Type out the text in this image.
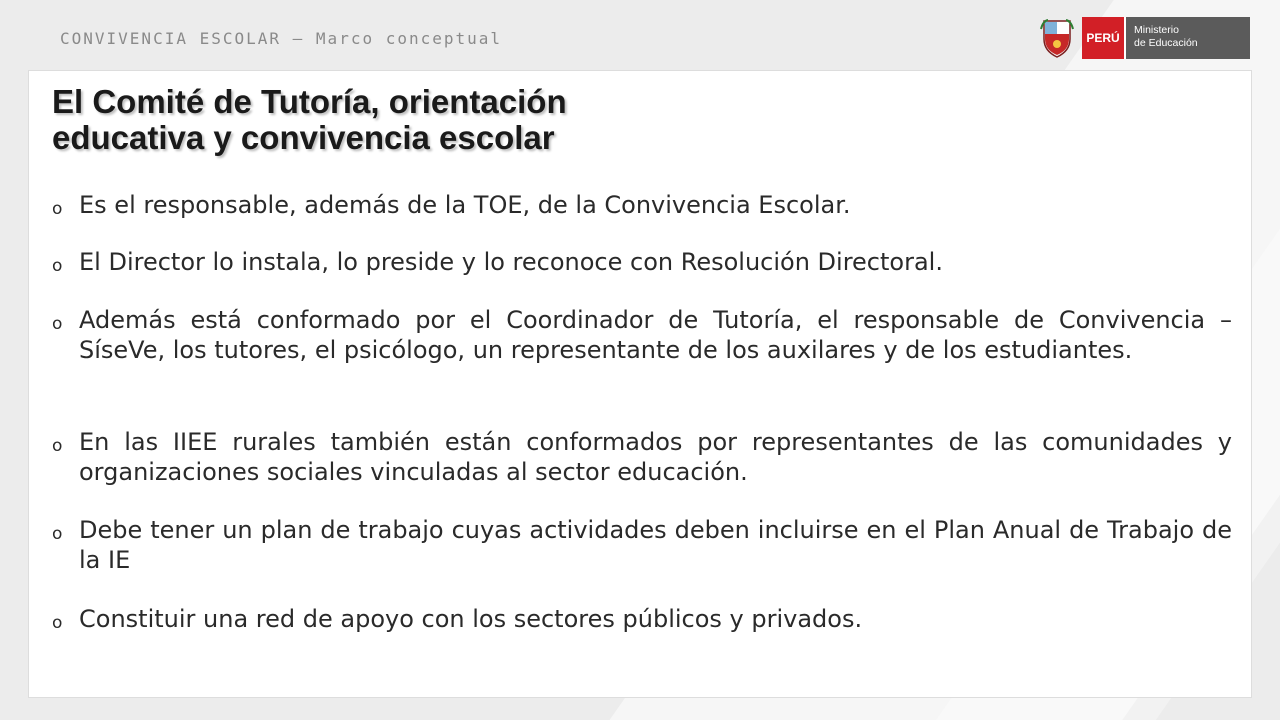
CONVIVENCIA ESCOLAR – Marco conceptual	PERÚ
Ministerio
de Educación
El Comité de Tutoría, orientación
educativa y convivencia escolar
o Es el responsable, además de la TOE, de la Convivencia Escolar.
o El Director lo instala, lo preside y lo reconoce con Resolución Directoral.
o Además está conformado por el Coordinador de Tutoría, el responsable de Convivencia – SíseVe, los tutores, el psicólogo, un representante de los auxilares y de los estudiantes.
o En las IIEE rurales también están conformados por representantes de las comunidades y organizaciones sociales vinculadas al sector educación.
o Debe tener un plan de trabajo cuyas actividades deben incluirse en el Plan Anual de Trabajo de la IE
o Constituir una red de apoyo con los sectores públicos y privados.
